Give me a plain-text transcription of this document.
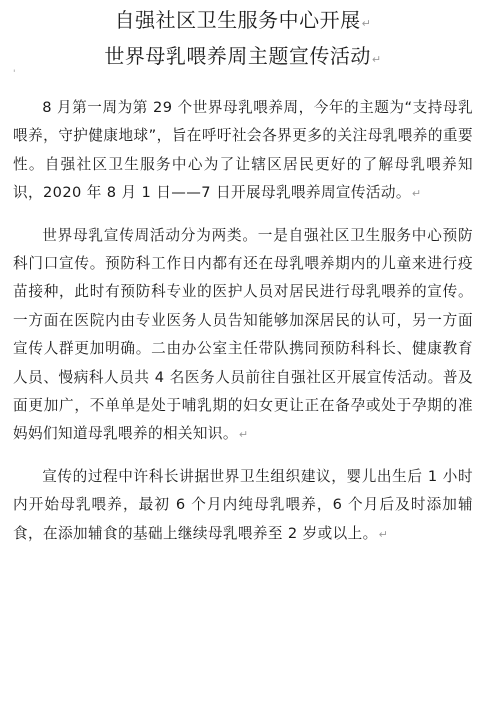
自强社区卫生服务中心开展↵
世界母乳喂养周主题宣传活动↵
'

8 月第一周为第 29 个世界母乳喂养周，今年的主题为“支持母乳喂养，守护健康地球”，旨在呼吁社会各界更多的关注母乳喂养的重要性。自强社区卫生服务中心为了让辖区居民更好的了解母乳喂养知识，2020 年 8 月 1 日——7 日开展母乳喂养周宣传活动。↵

世界母乳宣传周活动分为两类。一是自强社区卫生服务中心预防科门口宣传。预防科工作日内都有还在母乳喂养期内的儿童来进行疫苗接种，此时有预防科专业的医护人员对居民进行母乳喂养的宣传。一方面在医院内由专业医务人员告知能够加深居民的认可，另一方面宣传人群更加明确。二由办公室主任带队携同预防科科长、健康教育人员、慢病科人员共 4 名医务人员前往自强社区开展宣传活动。普及面更加广，不单单是处于哺乳期的妇女更让正在备孕或处于孕期的准妈妈们知道母乳喂养的相关知识。↵

宣传的过程中许科长讲据世界卫生组织建议，婴儿出生后 1 小时内开始母乳喂养，最初 6 个月内纯母乳喂养，6 个月后及时添加辅食，在添加辅食的基础上继续母乳喂养至 2 岁或以上。↵
